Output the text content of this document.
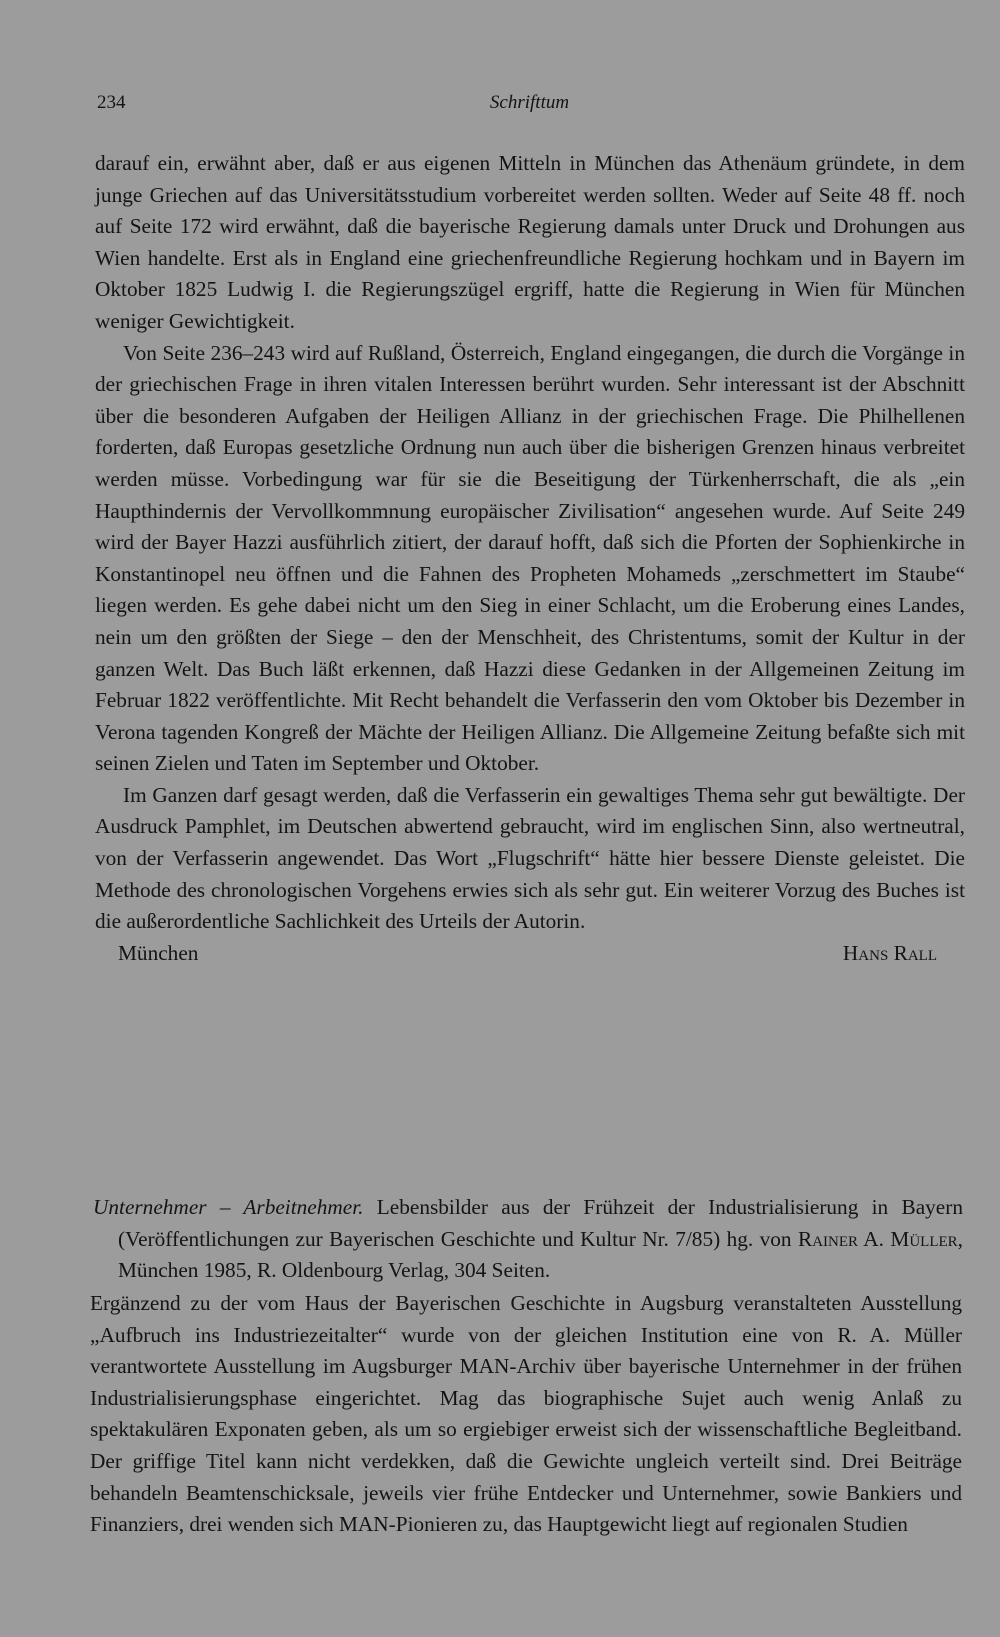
234	Schrifttum

darauf ein, erwähnt aber, daß er aus eigenen Mitteln in München das Athenäum gründete, in dem junge Griechen auf das Universitätsstudium vorbereitet werden sollten. Weder auf Seite 48 ff. noch auf Seite 172 wird erwähnt, daß die bayerische Regierung damals unter Druck und Drohungen aus Wien handelte. Erst als in England eine griechenfreundliche Regierung hochkam und in Bayern im Oktober 1825 Ludwig I. die Regierungszügel ergriff, hatte die Regierung in Wien für München weniger Gewichtigkeit.

Von Seite 236–243 wird auf Rußland, Österreich, England eingegangen, die durch die Vorgänge in der griechischen Frage in ihren vitalen Interessen berührt wurden. Sehr interessant ist der Abschnitt über die besonderen Aufgaben der Heiligen Allianz in der griechischen Frage. Die Philhellenen forderten, daß Europas gesetzliche Ordnung nun auch über die bisherigen Grenzen hinaus verbreitet werden müsse. Vorbedingung war für sie die Beseitigung der Türkenherrschaft, die als „ein Haupthindernis der Vervollkommnung europäischer Zivilisation“ angesehen wurde. Auf Seite 249 wird der Bayer Hazzi ausführlich zitiert, der darauf hofft, daß sich die Pforten der Sophienkirche in Konstantinopel neu öffnen und die Fahnen des Propheten Mohameds „zerschmettert im Staube“ liegen werden. Es gehe dabei nicht um den Sieg in einer Schlacht, um die Eroberung eines Landes, nein um den größten der Siege – den der Menschheit, des Christentums, somit der Kultur in der ganzen Welt. Das Buch läßt erkennen, daß Hazzi diese Gedanken in der Allgemeinen Zeitung im Februar 1822 veröffentlichte. Mit Recht behandelt die Verfasserin den vom Oktober bis Dezember in Verona tagenden Kongreß der Mächte der Heiligen Allianz. Die Allgemeine Zeitung befaßte sich mit seinen Zielen und Taten im September und Oktober.

Im Ganzen darf gesagt werden, daß die Verfasserin ein gewaltiges Thema sehr gut bewältigte. Der Ausdruck Pamphlet, im Deutschen abwertend gebraucht, wird im englischen Sinn, also wertneutral, von der Verfasserin angewendet. Das Wort „Flugschrift“ hätte hier bessere Dienste geleistet. Die Methode des chronologischen Vorgehens erwies sich als sehr gut. Ein weiterer Vorzug des Buches ist die außerordentliche Sachlichkeit des Urteils der Autorin.

München	Hans Rall
Unternehmer – Arbeitnehmer. Lebensbilder aus der Frühzeit der Industrialisierung in Bayern (Veröffentlichungen zur Bayerischen Geschichte und Kultur Nr. 7/85) hg. von Rainer A. Müller, München 1985, R. Oldenbourg Verlag, 304 Seiten.

Ergänzend zu der vom Haus der Bayerischen Geschichte in Augsburg veranstalteten Ausstellung „Aufbruch ins Industriezeitalter“ wurde von der gleichen Institution eine von R. A. Müller verantwortete Ausstellung im Augsburger MAN-Archiv über bayerische Unternehmer in der frühen Industrialisierungsphase eingerichtet. Mag das biographische Sujet auch wenig Anlaß zu spektakulären Exponaten geben, als um so ergiebiger erweist sich der wissenschaftliche Begleitband. Der griffige Titel kann nicht verdekken, daß die Gewichte ungleich verteilt sind. Drei Beiträge behandeln Beamtenschicksale, jeweils vier frühe Entdecker und Unternehmer, sowie Bankiers und Finanziers, drei wenden sich MAN-Pionieren zu, das Hauptgewicht liegt auf regionalen Studien
